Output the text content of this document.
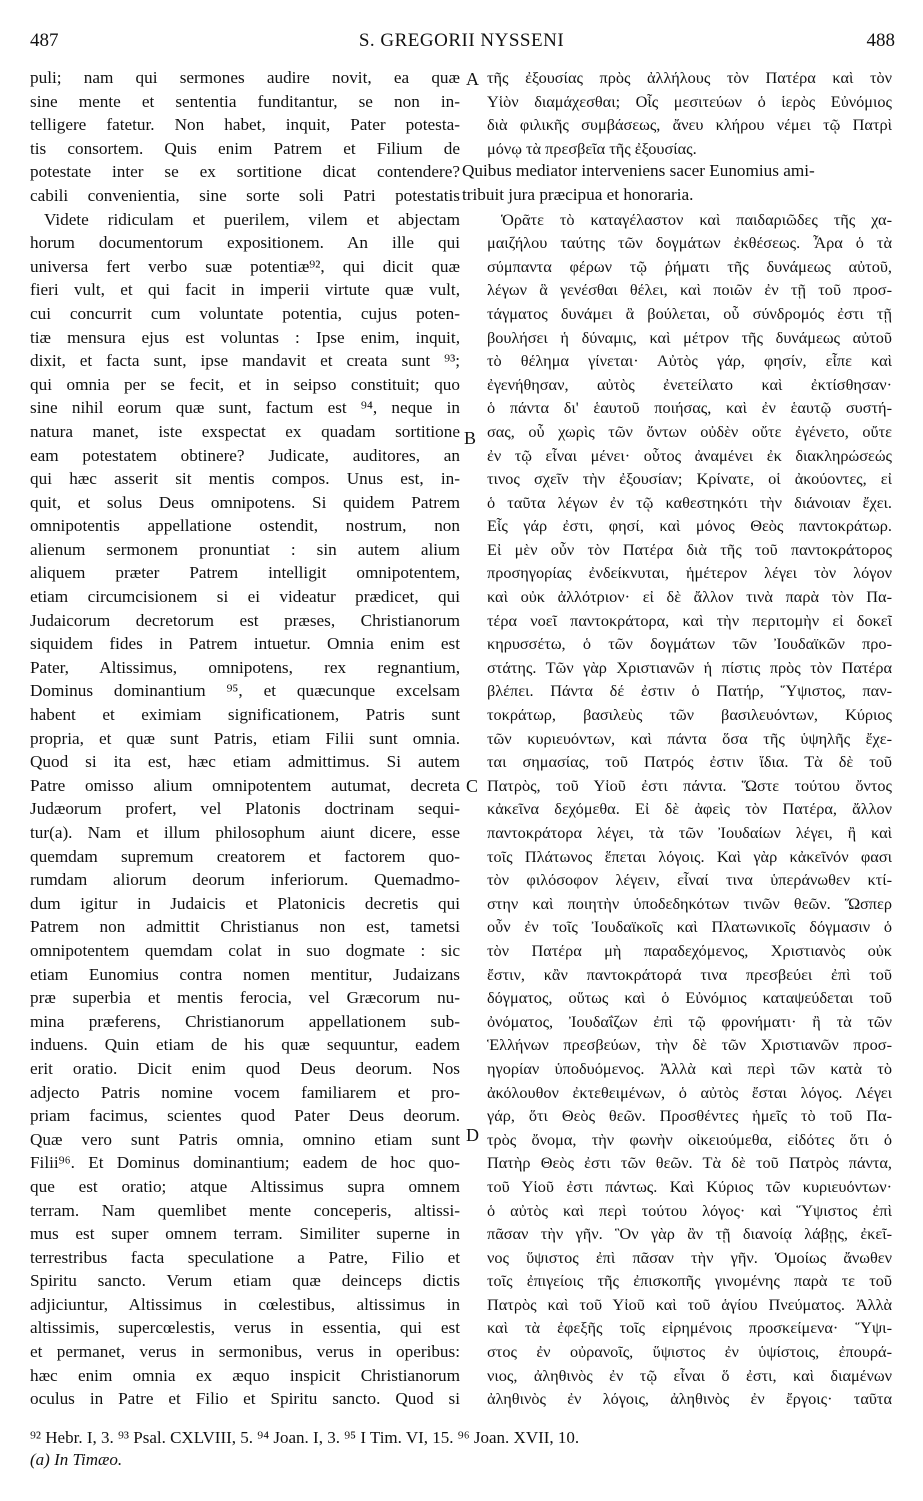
487	S. GREGORII NYSSENI	488
puli; nam qui sermones audire novit, ea quæ
sine mente et sententia funditantur, se non in-
telligere fatetur. Non habet, inquit, Pater potesta-
tis consortem. Quis enim Patrem et Filium de
potestate inter se ex sortitione dicat contendere?
cabili convenientia, sine sorte soli Patri potestatis
Videte ridiculam et puerilem, vilem et abjectam
horum documentorum expositionem. An ille qui
universa fert verbo suæ potentiæ⁹², qui dicit quæ
fieri vult, et qui facit in imperii virtute quæ vult,
cui concurrit cum voluntate potentia, cujus poten-
tiæ mensura ejus est voluntas : Ipse enim, inquit,
dixit, et facta sunt, ipse mandavit et creata sunt ⁹³;
qui omnia per se fecit, et in seipso constituit; quo
sine nihil eorum quæ sunt, factum est ⁹⁴, neque in
natura manet, iste exspectat ex quadam sortitione
eam potestatem obtinere? Judicate, auditores, an
qui hæc asserit sit mentis compos. Unus est, in-
quit, et solus Deus omnipotens. Si quidem Patrem
omnipotentis appellatione ostendit, nostrum, non
alienum sermonem pronuntiat : sin autem alium
aliquem præter Patrem intelligit omnipotentem,
etiam circumcisionem si ei videatur prædicet, qui
Judaicorum decretorum est præses, Christianorum
siquidem fides in Patrem intuetur. Omnia enim est
Pater, Altissimus, omnipotens, rex regnantium,
Dominus dominantium ⁹⁵, et quæcunque excelsam
habent et eximiam significationem, Patris sunt
propria, et quæ sunt Patris, etiam Filii sunt omnia.
Quod si ita est, hæc etiam admittimus. Si autem
Patre omisso alium omnipotentem autumat, decreta
Judæorum profert, vel Platonis doctrinam sequi-
tur(a). Nam et illum philosophum aiunt dicere, esse
quemdam supremum creatorem et factorem quo-
rumdam aliorum deorum inferiorum. Quemadmo-
dum igitur in Judaicis et Platonicis decretis qui
Patrem non admittit Christianus non est, tametsi
omnipotentem quemdam colat in suo dogmate : sic
etiam Eunomius contra nomen mentitur, Judaizans
præ superbia et mentis ferocia, vel Græcorum nu-
mina præferens, Christianorum appellationem sub-
induens. Quin etiam de his quæ sequuntur, eadem
erit oratio. Dicit enim quod Deus deorum. Nos
adjecto Patris nomine vocem familiarem et pro-
priam facimus, scientes quod Pater Deus deorum.
Quæ vero sunt Patris omnia, omnino etiam sunt
Filii⁹⁶. Et Dominus dominantium; eadem de hoc quo-
que est oratio; atque Altissimus supra omnem
terram. Nam quemlibet mente conceperis, altissi-
mus est super omnem terram. Similiter superne in
terrestribus facta speculatione a Patre, Filio et
Spiritu sancto. Verum etiam quæ deinceps dictis
adjiciuntur, Altissimus in cœlestibus, altissimus in
altissimis, supercœlestis, verus in essentia, qui est
et permanet, verus in sermonibus, verus in operibus:
hæc enim omnia ex æquo inspicit Christianorum
oculus in Patre et Filio et Spiritu sancto. Quod si
τῆς ἐξουσίας πρὸς ἀλλήλους τὸν Πατέρα καὶ τὸν
Υἱὸν διαμάχεσθαι; Οἷς μεσιτεύων ὁ ἱερὸς Εὐνόμιος
διὰ φιλικῆς συμβάσεως, ἄνευ κλήρου νέμει τῷ Πατρὶ
μόνῳ τὰ πρεσβεῖα τῆς ἐξουσίας.
Ὁρᾶτε τὸ καταγέλαστον καὶ παιδαριῶδες τῆς χα-
μαιζήλου ταύτης τῶν δογμάτων ἐκθέσεως. Ἆρα ὁ τὰ
σύμπαντα φέρων τῷ ῥήματι τῆς δυνάμεως αὐτοῦ,
λέγων ἃ γενέσθαι θέλει, καὶ ποιῶν ἐν τῇ τοῦ προσ-
τάγματος δυνάμει ἃ βούλεται, οὗ σύνδρομός ἐστι τῇ
βουλήσει ἡ δύναμις, καὶ μέτρον τῆς δυνάμεως αὐτοῦ
τὸ θέλημα γίνεται· Αὐτὸς γάρ, φησίν, εἶπε καὶ
ἐγενήθησαν, αὐτὸς ἐνετείλατο καὶ ἐκτίσθησαν·
ὁ πάντα δι' ἑαυτοῦ ποιήσας, καὶ ἐν ἑαυτῷ συστή-
σας, οὗ χωρὶς τῶν ὄντων οὐδὲν οὔτε ἐγένετο, οὔτε
ἐν τῷ εἶναι μένει· οὗτος ἀναμένει ἐκ διακληρώσεώς
τινος σχεῖν τὴν ἐξουσίαν; Κρίνατε, οἱ ἀκούοντες, εἰ
ὁ ταῦτα λέγων ἐν τῷ καθεστηκότι τὴν διάνοιαν ἔχει.
Εἷς γάρ ἐστι, φησί, καὶ μόνος Θεὸς παντοκράτωρ.
Εἰ μὲν οὖν τὸν Πατέρα διὰ τῆς τοῦ παντοκράτορος
προσηγορίας ἐνδείκνυται, ἡμέτερον λέγει τὸν λόγον
καὶ οὐκ ἀλλότριον· εἰ δὲ ἄλλον τινὰ παρὰ τὸν Πα-
τέρα νοεῖ παντοκράτορα, καὶ τὴν περιτομὴν εἰ δοκεῖ
κηρυσσέτω, ὁ τῶν δογμάτων τῶν Ἰουδαϊκῶν προ-
στάτης. Τῶν γὰρ Χριστιανῶν ἡ πίστις πρὸς τὸν Πατέρα
βλέπει. Πάντα δέ ἐστιν ὁ Πατήρ, Ὕψιστος, παν-
τοκράτωρ, βασιλεὺς τῶν βασιλευόντων, Κύριος
τῶν κυριευόντων, καὶ πάντα ὅσα τῆς ὑψηλῆς ἔχε-
ται σημασίας, τοῦ Πατρός ἐστιν ἴδια. Τὰ δὲ τοῦ
Πατρὸς, τοῦ Υἱοῦ ἐστι πάντα. Ὥστε τούτου ὄντος
κἀκεῖνα δεχόμεθα. Εἰ δὲ ἀφεὶς τὸν Πατέρα, ἄλλον
παντοκράτορα λέγει, τὰ τῶν Ἰουδαίων λέγει, ἢ καὶ
τοῖς Πλάτωνος ἕπεται λόγοις. Καὶ γὰρ κἀκεῖνόν φασι
τὸν φιλόσοφον λέγειν, εἶναί τινα ὑπεράνωθεν κτί-
στην καὶ ποιητὴν ὑποδεδηκότων τινῶν θεῶν. Ὥσπερ
οὖν ἐν τοῖς Ἰουδαϊκοῖς καὶ Πλατωνικοῖς δόγμασιν ὁ
τὸν Πατέρα μὴ παραδεχόμενος, Χριστιανὸς οὐκ
ἔστιν, κἂν παντοκράτορά τινα πρεσβεύει ἐπὶ τοῦ
δόγματος, οὕτως καὶ ὁ Εὐνόμιος καταψεύδεται τοῦ
ὀνόματος, Ἰουδαΐζων ἐπὶ τῷ φρονήματι· ἢ τὰ τῶν
Ἑλλήνων πρεσβεύων, τὴν δὲ τῶν Χριστιανῶν προσ-
ηγορίαν ὑποδυόμενος. Ἀλλὰ καὶ περὶ τῶν κατὰ τὸ
ἀκόλουθον ἐκτεθειμένων, ὁ αὐτὸς ἔσται λόγος. Λέγει
γάρ, ὅτι Θεὸς θεῶν. Προσθέντες ἡμεῖς τὸ τοῦ Πα-
τρὸς ὄνομα, τὴν φωνὴν οἰκειούμεθα, εἰδότες ὅτι ὁ
Πατὴρ Θεὸς ἐστι τῶν θεῶν. Τὰ δὲ τοῦ Πατρὸς πάντα,
τοῦ Υἱοῦ ἐστι πάντως. Καὶ Κύριος τῶν κυριευόντων·
ὁ αὐτὸς καὶ περὶ τούτου λόγος· καὶ Ὕψιστος ἐπὶ
πᾶσαν τὴν γῆν. Ὃν γὰρ ἂν τῇ διανοίᾳ λάβῃς, ἐκεῖ-
νος ὕψιστος ἐπὶ πᾶσαν τὴν γῆν. Ὁμοίως ἄνωθεν
τοῖς ἐπιγείοις τῆς ἐπισκοπῆς γινομένης παρὰ τε τοῦ
Πατρὸς καὶ τοῦ Υἱοῦ καὶ τοῦ ἁγίου Πνεύματος. Ἀλλὰ
καὶ τὰ ἐφεξῆς τοῖς εἰρημένοις προσκείμενα· Ὕψι-
στος ἐν οὐρανοῖς, ὕψιστος ἐν ὑψίστοις, ἐπουρά-
νιος, ἀληθινὸς ἐν τῷ εἶναι ὅ ἐστι, καὶ διαμένων
ἀληθινὸς ἐν λόγοις, ἀληθινὸς ἐν ἔργοις· ταῦτα
Quibus mediator interveniens sacer Eunomius ami-
tribuit jura præcipua et honoraria.
A
B
C
D
⁹² Hebr. I, 3. ⁹³ Psal. CXLVIII, 5. ⁹⁴ Joan. I, 3. ⁹⁵ I Tim. VI, 15. ⁹⁶ Joan. XVII, 10.
(a) In Timæo.
